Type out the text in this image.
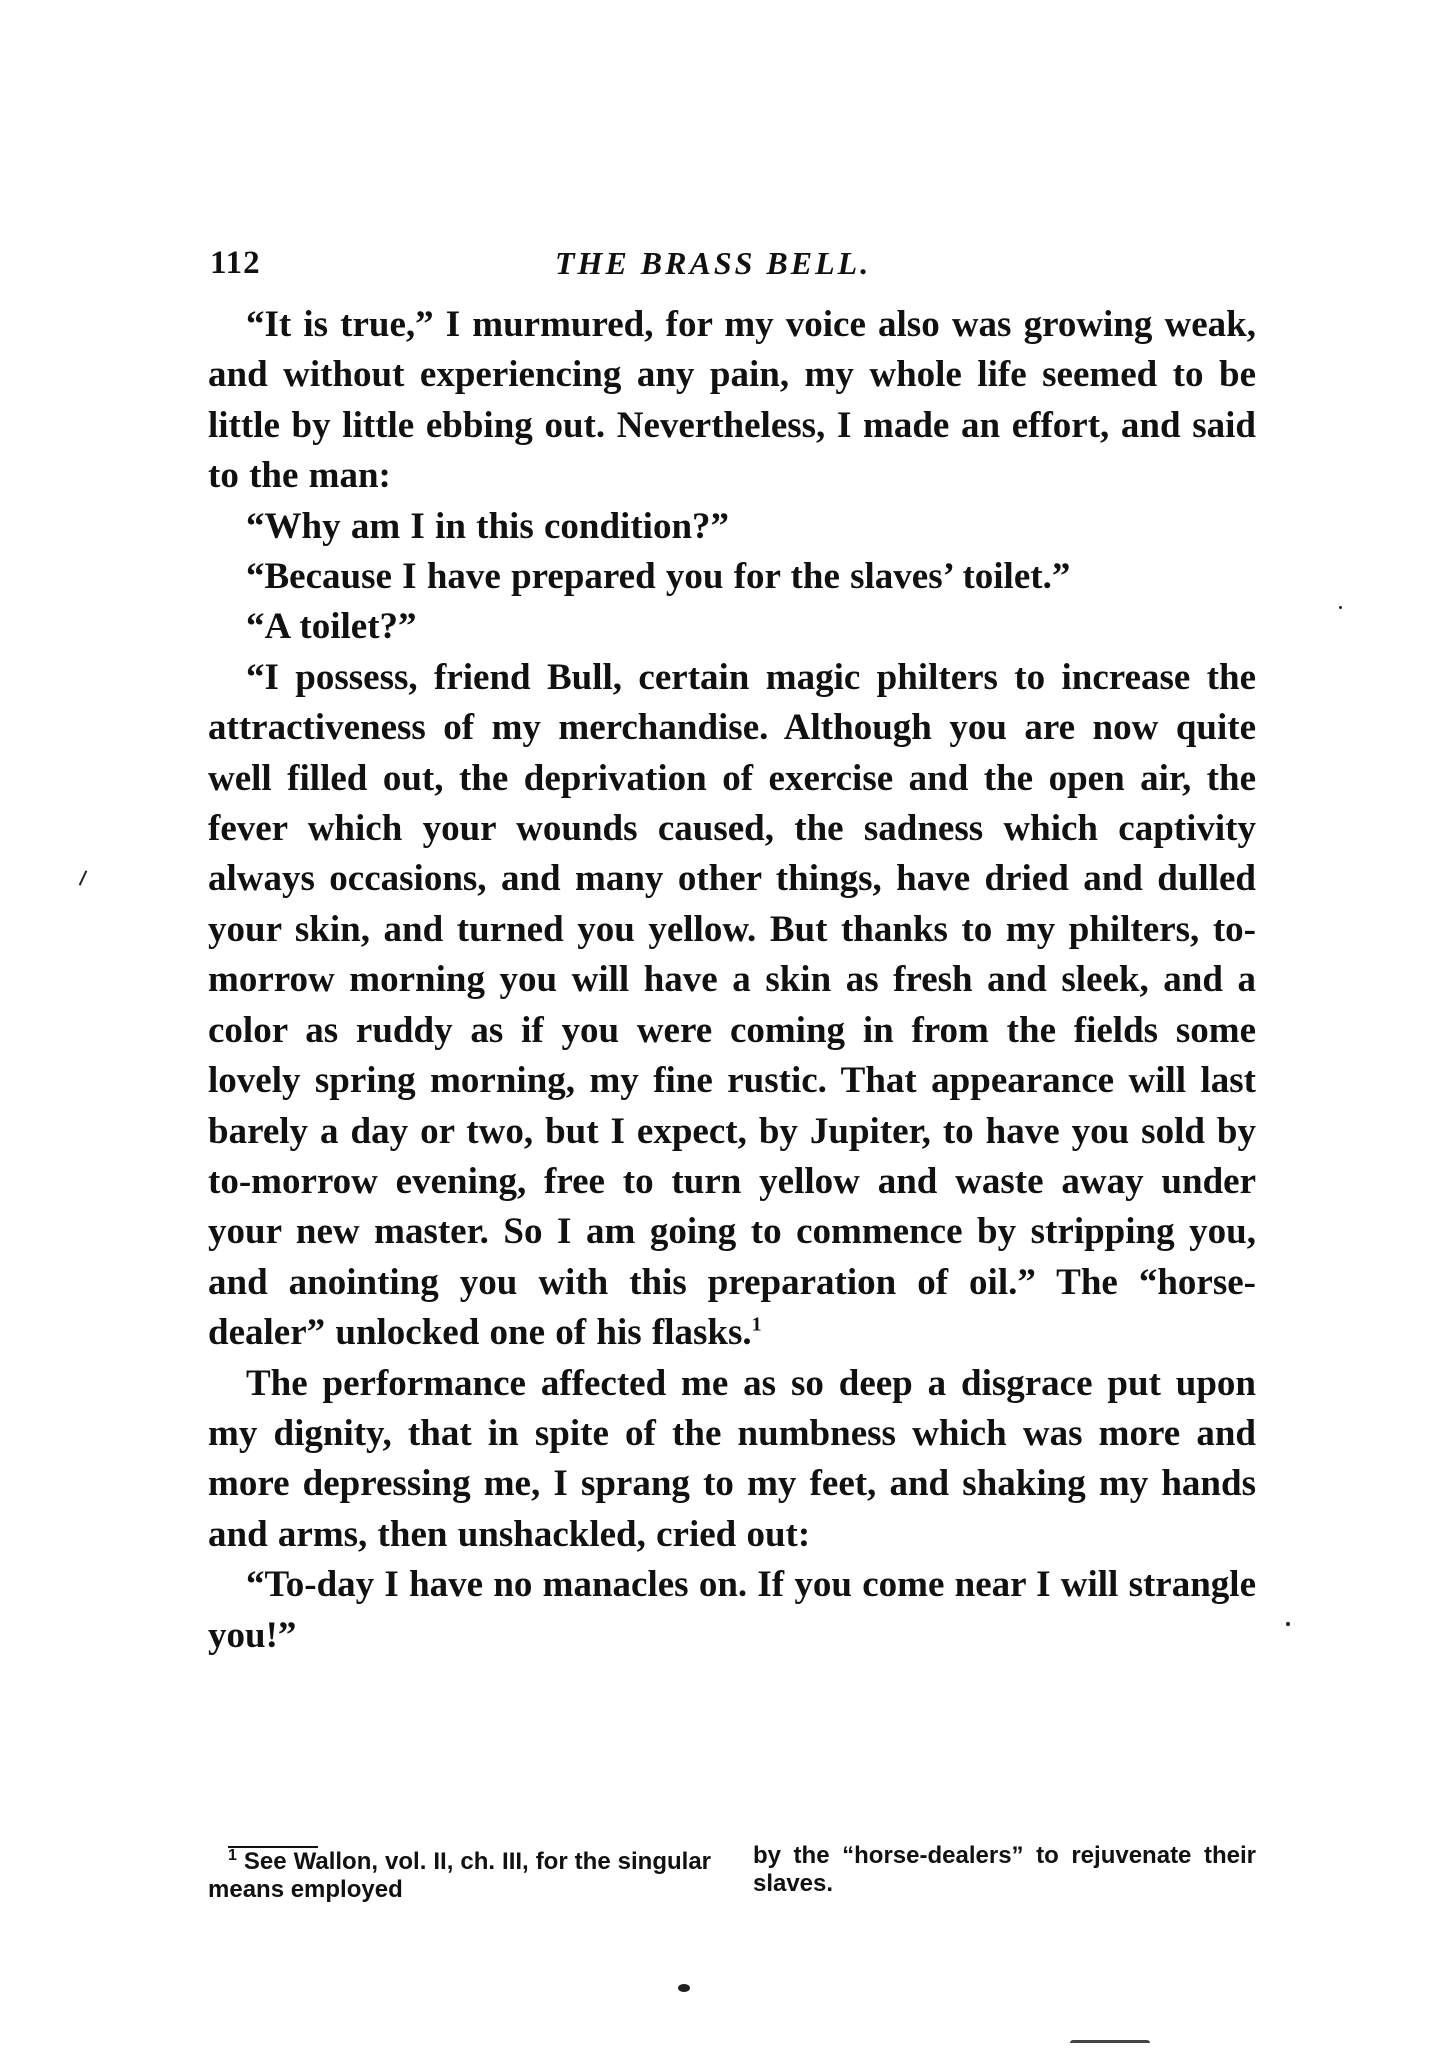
112	THE BRASS BELL.

“It is true,” I murmured, for my voice also was growing weak, and without experiencing any pain, my whole life seemed to be little by little ebbing out. Nevertheless, I made an effort, and said to the man:

“Why am I in this condition?”

“Because I have prepared you for the slaves’ toilet.”

“A toilet?”

“I possess, friend Bull, certain magic philters to increase the attractiveness of my merchandise. Although you are now quite well filled out, the deprivation of exercise and the open air, the fever which your wounds caused, the sadness which captivity always occasions, and many other things, have dried and dulled your skin, and turned you yellow. But thanks to my philters, to-morrow morning you will have a skin as fresh and sleek, and a color as ruddy as if you were coming in from the fields some lovely spring morning, my fine rustic. That appearance will last barely a day or two, but I expect, by Jupiter, to have you sold by to-morrow evening, free to turn yellow and waste away under your new master. So I am going to commence by stripping you, and anointing you with this preparation of oil.” The “horse-dealer” unlocked one of his flasks.$^1$

The performance affected me as so deep a disgrace put upon my dignity, that in spite of the numbness which was more and more depressing me, I sprang to my feet, and shaking my hands and arms, then unshackled, cried out:

“To-day I have no manacles on. If you come near I will strangle you!”

$^1$ See Wallon, vol. II, ch. III, for the singular means employed
by the “horse-dealers” to rejuvenate their slaves.
